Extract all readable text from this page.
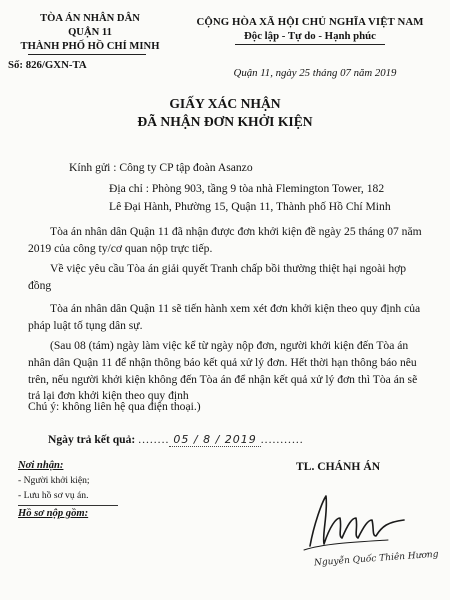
TÒA ÁN NHÂN DÂN
QUẬN 11
THÀNH PHỐ HỒ CHÍ MINH
Số: 826/GXN-TA
CỘNG HÒA XÃ HỘI CHỦ NGHĨA VIỆT NAM
Độc lập - Tự do - Hạnh phúc
Quận 11, ngày 25 tháng 07 năm 2019
GIẤY XÁC NHẬN
ĐÃ NHẬN ĐƠN KHỞI KIỆN
Kính gửi : Công ty CP tập đoàn Asanzo
Địa chỉ : Phòng 903, tầng 9 tòa nhà Flemington Tower, 182
Lê Đại Hành, Phường 15, Quận 11, Thành phố Hồ Chí Minh
Tòa án nhân dân Quận 11 đã nhận được đơn khởi kiện đề ngày 25 tháng 07 năm 2019 của công ty/cơ quan nộp trực tiếp.
Về việc yêu cầu Tòa án giải quyết Tranh chấp bồi thường thiệt hại ngoài hợp đồng
Tòa án nhân dân Quận 11 sẽ tiến hành xem xét đơn khởi kiện theo quy định của pháp luật tố tụng dân sự.
(Sau 08 (tám) ngày làm việc kể từ ngày nộp đơn, người khởi kiện đến Tòa án nhân dân Quận 11 để nhận thông báo kết quả xử lý đơn. Hết thời hạn thông báo nêu trên, nếu người khởi kiện không đến Tòa án để nhận kết quả xử lý đơn thì Tòa án sẽ trả lại đơn khởi kiện theo quy định
Chú ý: không liên hệ qua điện thoại.)
Ngày trả kết quả: ........ 05 / 8 / 2019 ...........
TL. CHÁNH ÁN
Nơi nhận:
- Người khởi kiện;
- Lưu hồ sơ vụ án.
Hồ sơ nộp gồm:
Nguyễn Quốc Thiên Hương
